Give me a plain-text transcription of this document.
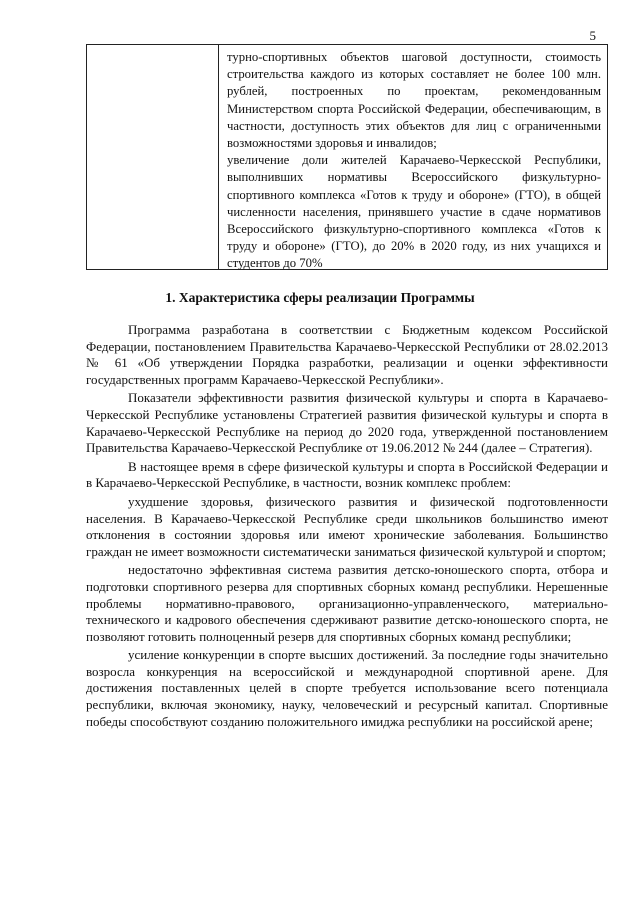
5

турно-спортивных объектов шаговой доступности, стоимость строительства каждого из которых составляет не более 100 млн. рублей, построенных по проектам, рекомендованным Министерством спорта Российской Федерации, обеспечивающим, в частности, доступность этих объектов для лиц с ограниченными возможностями здоровья и инвалидов;

увеличение доли жителей Карачаево-Черкесской Республики, выполнивших нормативы Всероссийского физкультурно-спортивного комплекса «Готов к труду и обороне» (ГТО), в общей численности населения, принявшего участие в сдаче нормативов Всероссийского физкультурно-спортивного комплекса «Готов к труду и обороне» (ГТО), до 20% в 2020 году, из них учащихся и студентов до 70%

1. Характеристика сферы реализации Программы

Программа разработана в соответствии с Бюджетным кодексом Российской Федерации, постановлением Правительства Карачаево-Черкесской Республики от 28.02.2013 № 61 «Об утверждении Порядка разработки, реализации и оценки эффективности государственных программ Карачаево-Черкесской Республики».

Показатели эффективности развития физической культуры и спорта в Карачаево-Черкесской Республике установлены Стратегией развития физической культуры и спорта в Карачаево-Черкесской Республике на период до 2020 года, утвержденной постановлением Правительства Карачаево-Черкесской Республике от 19.06.2012 № 244 (далее – Стратегия).

В настоящее время в сфере физической культуры и спорта в Российской Федерации и в Карачаево-Черкесской Республике, в частности, возник комплекс проблем:

ухудшение здоровья, физического развития и физической подготовленности населения. В Карачаево-Черкесской Республике среди школьников большинство имеют отклонения в состоянии здоровья или имеют хронические заболевания. Большинство граждан не имеет возможности систематически заниматься физической культурой и спортом;

недостаточно эффективная система развития детско-юношеского спорта, отбора и подготовки спортивного резерва для спортивных сборных команд республики. Нерешенные проблемы нормативно-правового, организационно-управленческого, материально-технического и кадрового обеспечения сдерживают развитие детско-юношеского спорта, не позволяют готовить полноценный резерв для спортивных сборных команд республики;

усиление конкуренции в спорте высших достижений. За последние годы значительно возросла конкуренция на всероссийской и международной спортивной арене. Для достижения поставленных целей в спорте требуется использование всего потенциала республики, включая экономику, науку, человеческий и ресурсный капитал. Спортивные победы способствуют созданию положительного имиджа республики на российской арене;
